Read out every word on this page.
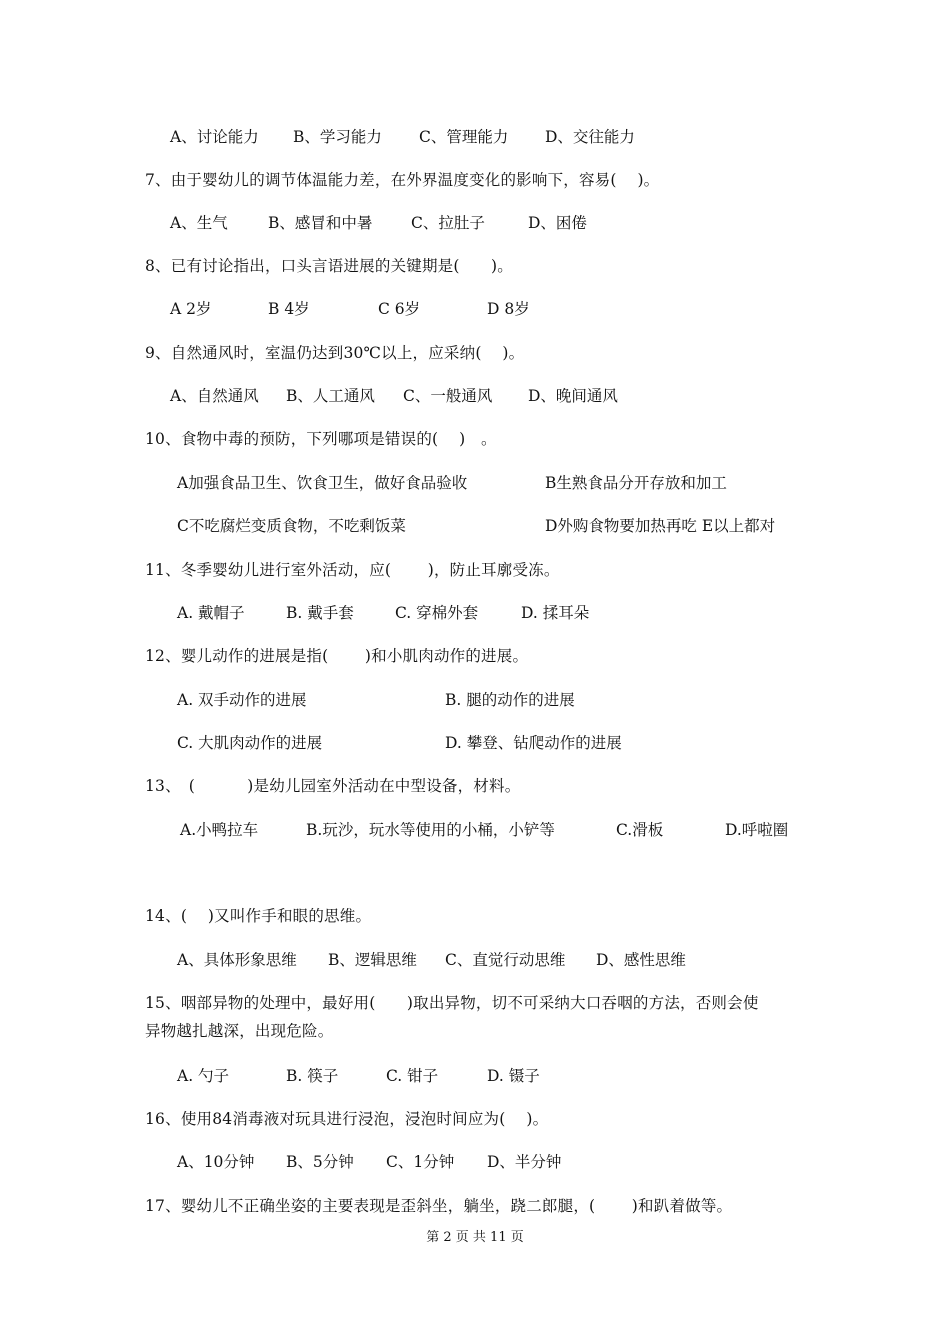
A、讨论能力 B、学习能力 C、管理能力 D、交往能力
7、由于婴幼儿的调节体温能力差，在外界温度变化的影响下，容易(　 )。
A、生气	B、感冒和中暑 C、拉肚子	D、困倦
8、已有讨论指出，口头言语进展的关键期是(　　)。
A 2岁	B 4岁	C 6岁	D 8岁
9、自然通风时，室温仍达到30℃以上，应采纳(　 )。
A、自然通风 B、人工通风 C、一般通风 D、晚间通风
10、食物中毒的预防，下列哪项是错误的(　 )　。
A加强食品卫生、饮食卫生，做好食品验收	B生熟食品分开存放和加工
C不吃腐烂变质食物，不吃剩饭菜	D外购食物要加热再吃 E以上都对
11、冬季婴幼儿进行室外活动，应(　 　)，防止耳廓受冻。
A. 戴帽子	B. 戴手套	C. 穿棉外套	D. 揉耳朵
12、婴儿动作的进展是指(　 　)和小肌肉动作的进展。
A. 双手动作的进展	B. 腿的动作的进展
C. 大肌肉动作的进展	D. 攀登、钻爬动作的进展
13、　(　　　 )是幼儿园室外活动在中型设备，材料。
A.小鸭拉车	B.玩沙，玩水等使用的小桶，小铲等	C.滑板	D.呼啦圈
14、(　 )又叫作手和眼的思维。
A、具体形象思维 B、逻辑思维 C、直觉行动思维 D、感性思维
15、咽部异物的处理中，最好用(　　)取出异物，切不可采纳大口吞咽的方法，否则会使
异物越扎越深，出现危险。
A. 勺子	B. 筷子	C. 钳子	D. 镊子
16、使用84消毒液对玩具进行浸泡，浸泡时间应为(　 )。
A、10分钟 B、5分钟 C、1分钟 D、半分钟
17、婴幼儿不正确坐姿的主要表现是歪斜坐，躺坐，跷二郎腿，(　　 )和趴着做等。
第 2 页 共 11 页
